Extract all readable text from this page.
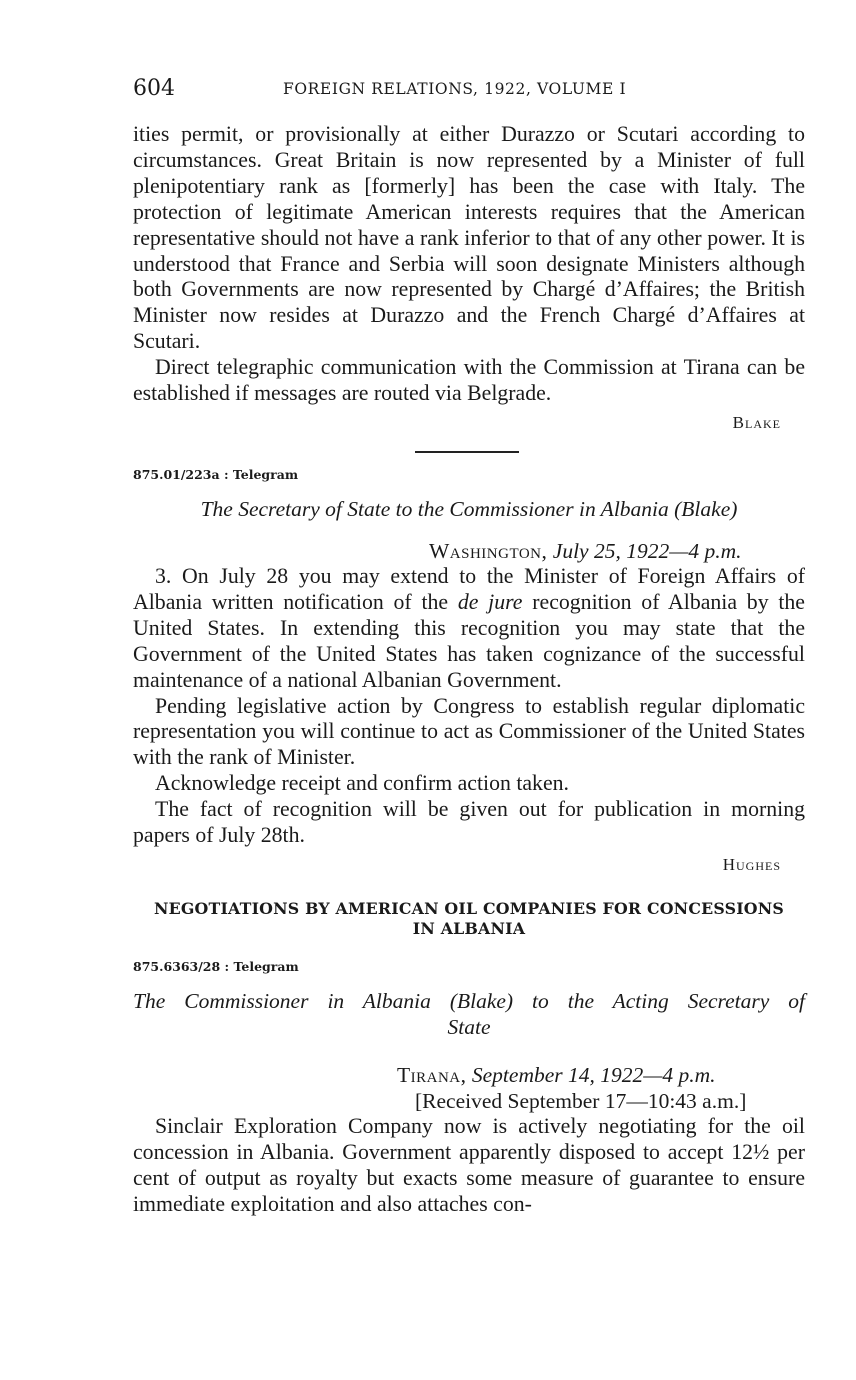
604	FOREIGN RELATIONS, 1922, VOLUME I

ities permit, or provisionally at either Durazzo or Scutari according to circumstances. Great Britain is now represented by a Minister of full plenipotentiary rank as [formerly] has been the case with Italy. The protection of legitimate American interests requires that the American representative should not have a rank inferior to that of any other power. It is understood that France and Serbia will soon designate Ministers although both Governments are now represented by Chargé d’Affaires; the British Minister now resides at Durazzo and the French Chargé d’Affaires at Scutari.

Direct telegraphic communication with the Commission at Tirana can be established if messages are routed via Belgrade.

Blake
875.01/223a : Telegram
The Secretary of State to the Commissioner in Albania (Blake)
Washington, July 25, 1922—4 p.m.

3. On July 28 you may extend to the Minister of Foreign Affairs of Albania written notification of the de jure recognition of Albania by the United States. In extending this recognition you may state that the Government of the United States has taken cognizance of the successful maintenance of a national Albanian Government.

Pending legislative action by Congress to establish regular diplomatic representation you will continue to act as Commissioner of the United States with the rank of Minister.

Acknowledge receipt and confirm action taken.

The fact of recognition will be given out for publication in morning papers of July 28th.

Hughes
NEGOTIATIONS BY AMERICAN OIL COMPANIES FOR CONCESSIONS
IN ALBANIA
875.6363/28 : Telegram
The Commissioner in Albania (Blake) to the Acting Secretary of
State
Tirana, September 14, 1922—4 p.m.
[Received September 17—10:43 a.m.]

Sinclair Exploration Company now is actively negotiating for the oil concession in Albania. Government apparently disposed to accept 12½ per cent of output as royalty but exacts some measure of guarantee to ensure immediate exploitation and also attaches con-
